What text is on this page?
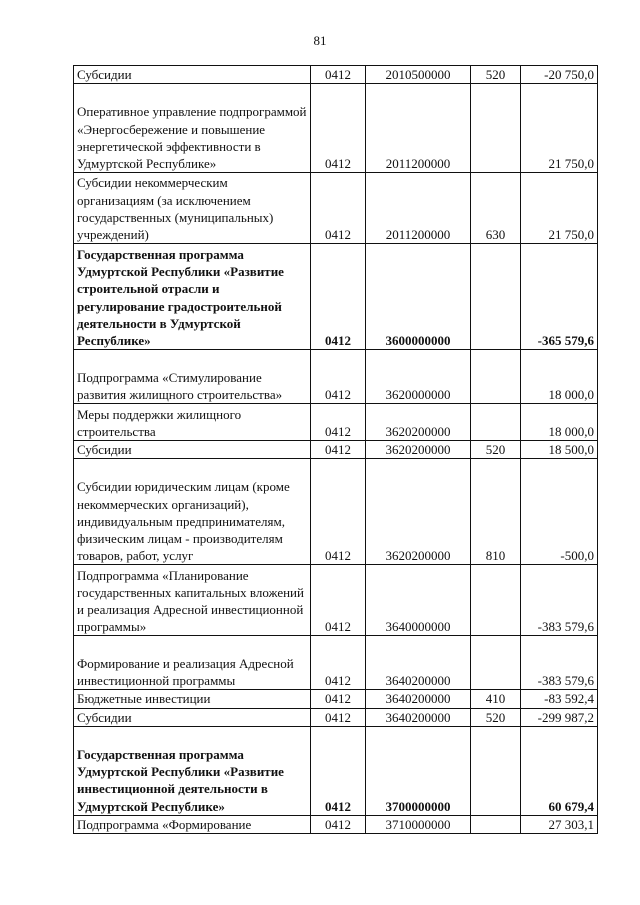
81
Субсидии	0412	2010500000	520	-20 750,0
Оперативное управление подпрограммой «Энергосбережение и повышение энергетической эффективности в Удмуртской Республике»	0412	2011200000		21 750,0
Субсидии некоммерческим организациям (за исключением государственных (муниципальных) учреждений)	0412	2011200000	630	21 750,0
Государственная программа Удмуртской Республики «Развитие строительной отрасли и регулирование градостроительной деятельности в Удмуртской Республике»	0412	3600000000		-365 579,6
Подпрограмма «Стимулирование развития жилищного строительства»	0412	3620000000		18 000,0
Меры поддержки жилищного строительства	0412	3620200000		18 000,0
Субсидии	0412	3620200000	520	18 500,0
Субсидии юридическим лицам (кроме некоммерческих организаций), индивидуальным предпринимателям, физическим лицам - производителям товаров, работ, услуг	0412	3620200000	810	-500,0
Подпрограмма «Планирование государственных капитальных вложений и реализация Адресной инвестиционной программы»	0412	3640000000		-383 579,6
Формирование и реализация Адресной инвестиционной программы	0412	3640200000		-383 579,6
Бюджетные инвестиции	0412	3640200000	410	-83 592,4
Субсидии	0412	3640200000	520	-299 987,2
Государственная программа Удмуртской Республики «Развитие инвестиционной деятельности в Удмуртской Республике»	0412	3700000000		60 679,4
Подпрограмма «Формирование	0412	3710000000		27 303,1
